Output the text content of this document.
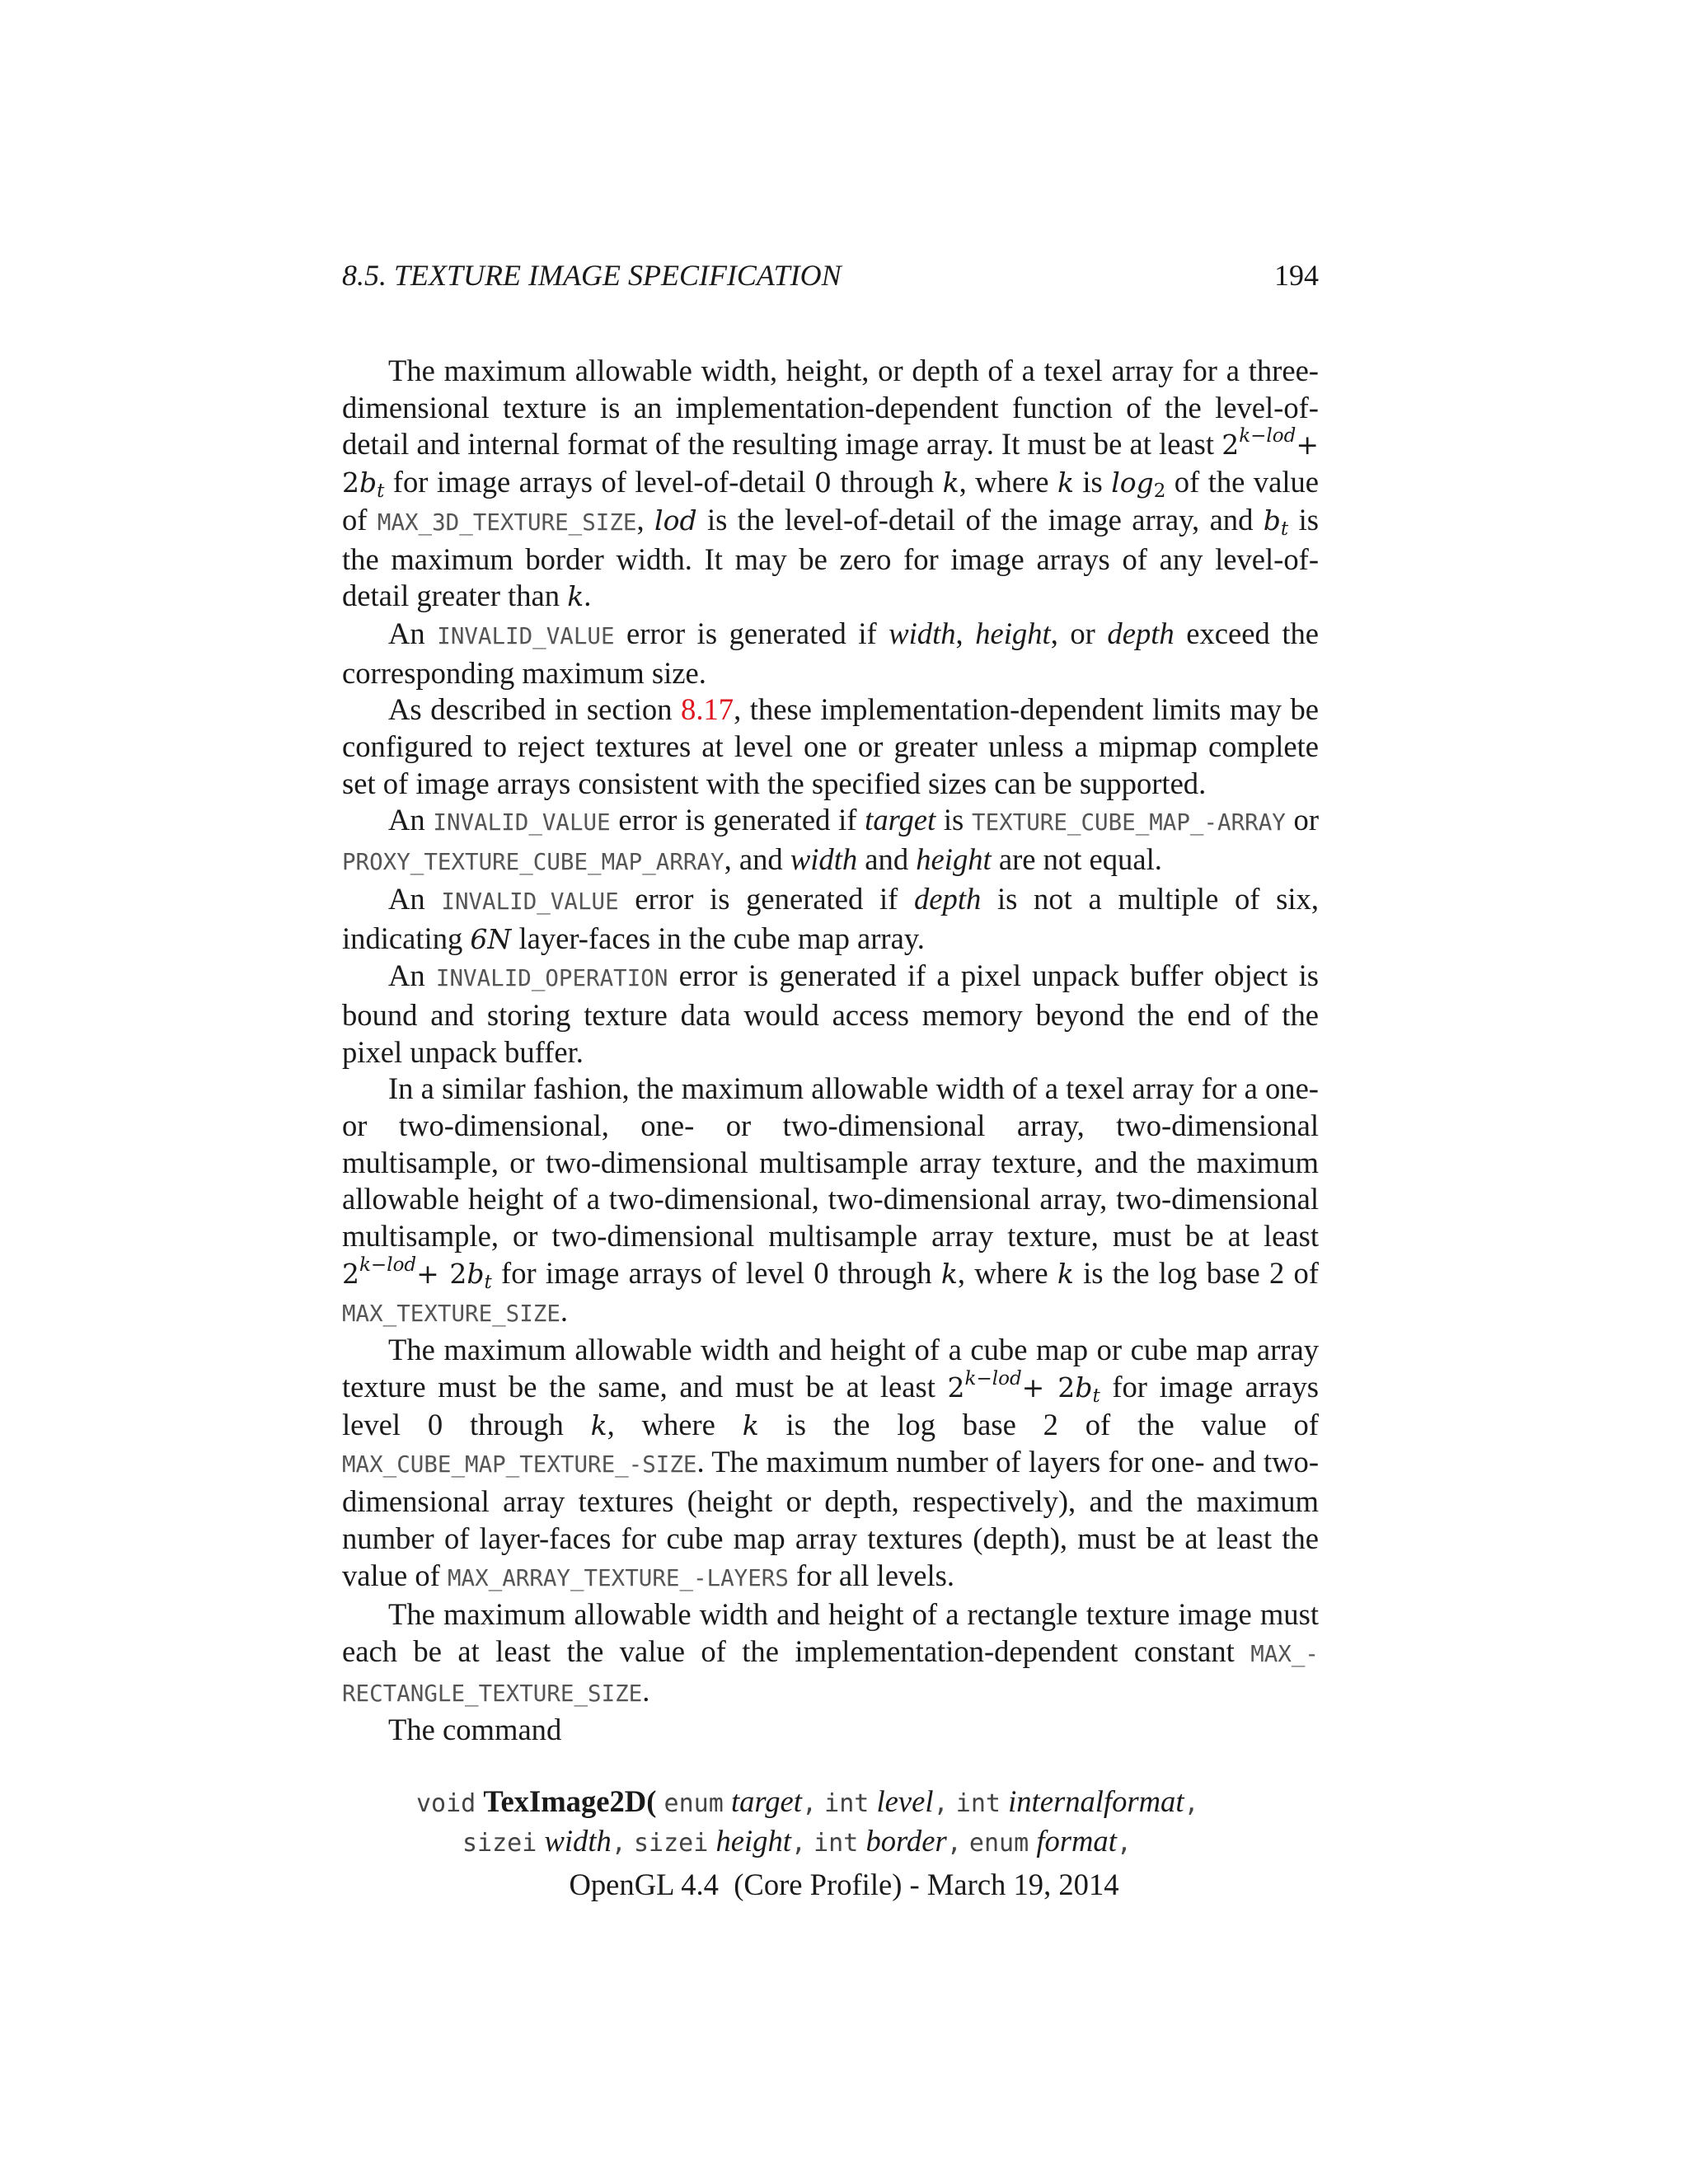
8.5. TEXTURE IMAGE SPECIFICATION	194

The maximum allowable width, height, or depth of a texel array for a three-dimensional texture is an implementation-dependent function of the level-of-detail and internal format of the resulting image array. It must be at least $2^{k-lod}+ 2b_t$ for image arrays of level-of-detail 0 through k, where k is $\log_2$ of the value of MAX_3D_TEXTURE_SIZE, lod is the level-of-detail of the image array, and $b_t$ is the maximum border width. It may be zero for image arrays of any level-of-detail greater than k.

An INVALID_VALUE error is generated if width, height, or depth exceed the corresponding maximum size.

As described in section 8.17, these implementation-dependent limits may be configured to reject textures at level one or greater unless a mipmap complete set of image arrays consistent with the specified sizes can be supported.

An INVALID_VALUE error is generated if target is TEXTURE_CUBE_MAP_-ARRAY or PROXY_TEXTURE_CUBE_MAP_ARRAY, and width and height are not equal.

An INVALID_VALUE error is generated if depth is not a multiple of six, indicating 6N layer-faces in the cube map array.

An INVALID_OPERATION error is generated if a pixel unpack buffer object is bound and storing texture data would access memory beyond the end of the pixel unpack buffer.

In a similar fashion, the maximum allowable width of a texel array for a one- or two-dimensional, one- or two-dimensional array, two-dimensional multisample, or two-dimensional multisample array texture, and the maximum allowable height of a two-dimensional, two-dimensional array, two-dimensional multisample, or two-dimensional multisample array texture, must be at least $2^{k-lod}+ 2b_t$ for image arrays of level 0 through k, where k is the log base 2 of MAX_TEXTURE_SIZE.

The maximum allowable width and height of a cube map or cube map array texture must be the same, and must be at least $2^{k-lod}+ 2b_t$ for image arrays level 0 through k, where k is the log base 2 of the value of MAX_CUBE_MAP_TEXTURE_-SIZE. The maximum number of layers for one- and two-dimensional array textures (height or depth, respectively), and the maximum number of layer-faces for cube map array textures (depth), must be at least the value of MAX_ARRAY_TEXTURE_-LAYERS for all levels.

The maximum allowable width and height of a rectangle texture image must each be at least the value of the implementation-dependent constant MAX_-RECTANGLE_TEXTURE_SIZE.

The command

void TexImage2D( enum target, int level, int internalformat,
sizei width, sizei height, int border, enum format,
OpenGL 4.4  (Core Profile) - March 19, 2014
